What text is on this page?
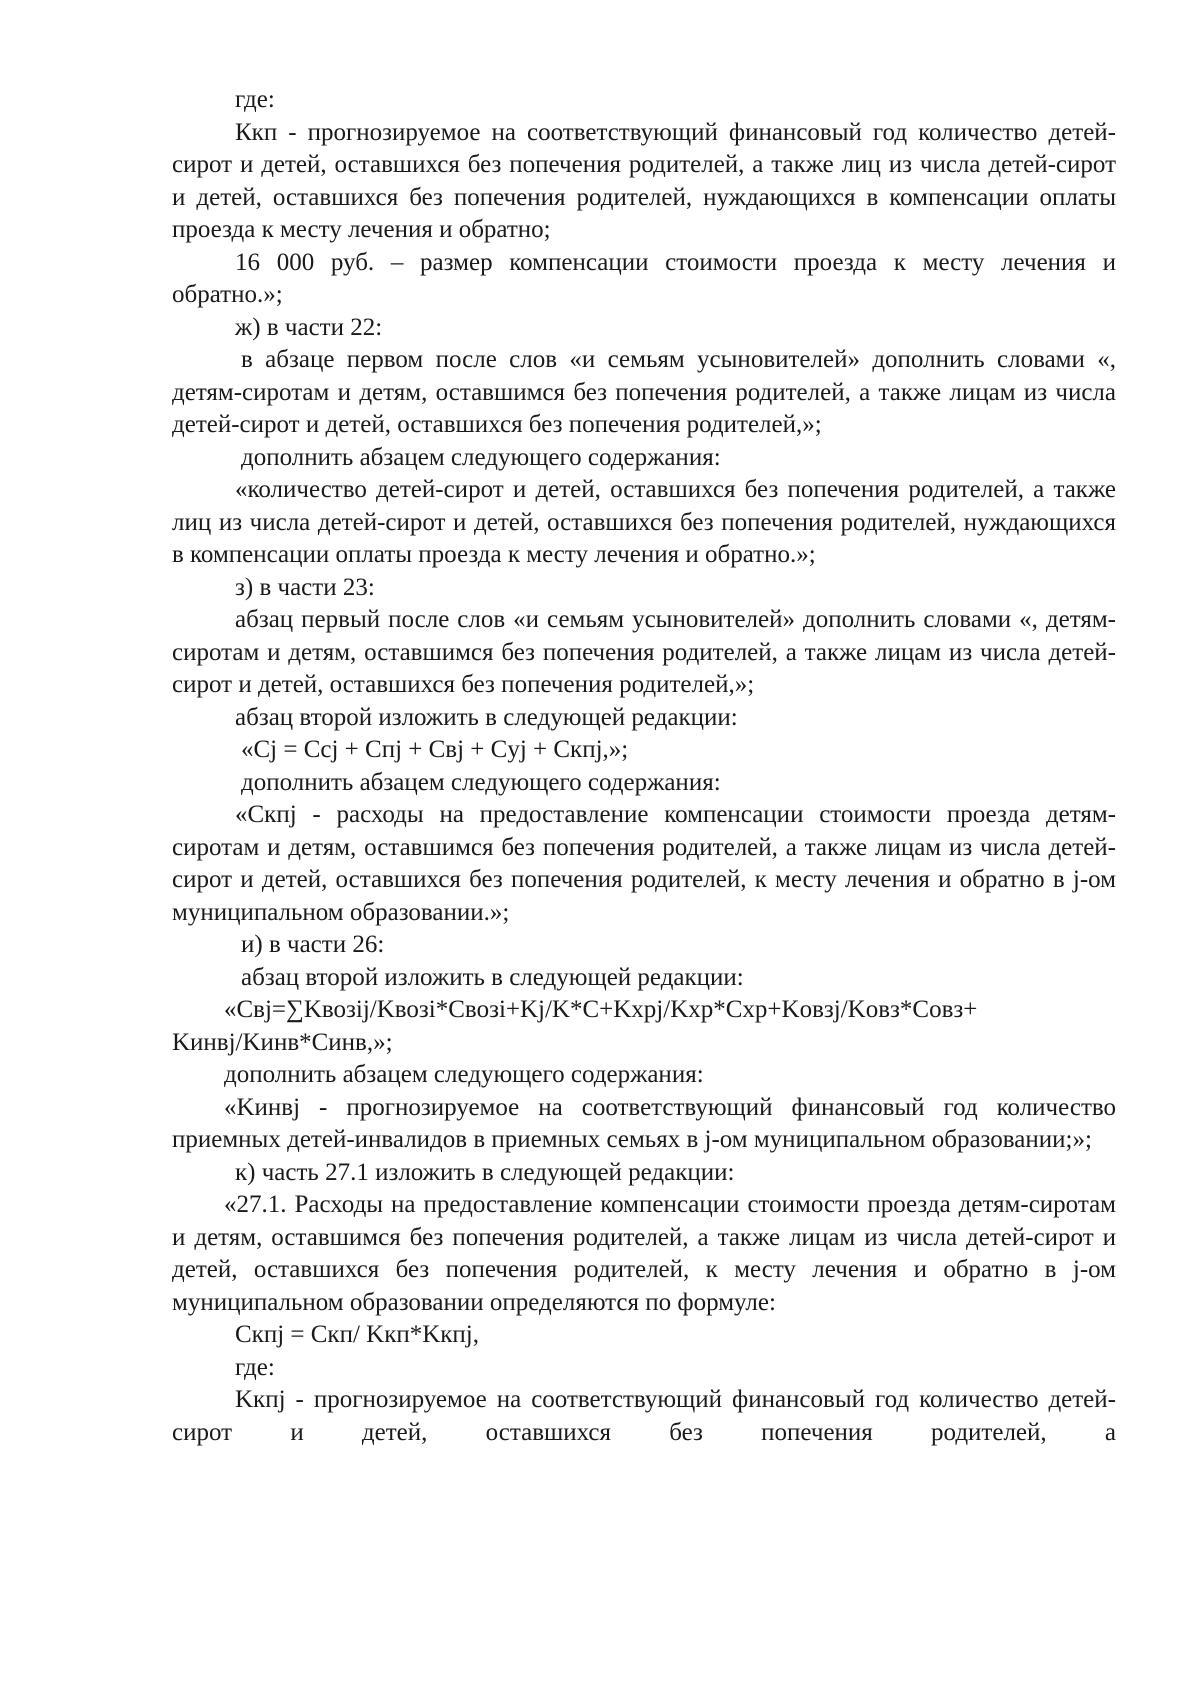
где:

Ккп - прогнозируемое на соответствующий финансовый год количество детей-сирот и детей, оставшихся без попечения родителей, а также лиц из числа детей-сирот и детей, оставшихся без попечения родителей, нуждающихся в компенсации оплаты проезда к месту лечения и обратно;

16 000 руб. – размер компенсации стоимости проезда к месту лечения и обратно.»;

ж) в части 22:

в абзаце первом после слов «и семьям усыновителей» дополнить словами «, детям-сиротам и детям, оставшимся без попечения родителей, а также лицам из числа детей-сирот и детей, оставшихся без попечения родителей,»;

дополнить абзацем следующего содержания:

«количество детей-сирот и детей, оставшихся без попечения родителей, а также лиц из числа детей-сирот и детей, оставшихся без попечения родителей, нуждающихся в компенсации оплаты проезда к месту лечения и обратно.»;

з) в части 23:

абзац первый после слов «и семьям усыновителей» дополнить словами «, детям-сиротам и детям, оставшимся без попечения родителей, а также лицам из числа детей-сирот и детей, оставшихся без попечения родителей,»;

абзац второй изложить в следующей редакции:

«Cj = Ccj + Cпj + Cвj + Cуj + Cкпj,»;

дополнить абзацем следующего содержания:

«Cкпj - расходы на предоставление компенсации стоимости проезда детям-сиротам и детям, оставшимся без попечения родителей, а также лицам из числа детей-сирот и детей, оставшихся без попечения родителей, к месту лечения и обратно в j-ом муниципальном образовании.»;

и) в части 26:

абзац второй изложить в следующей редакции:

«Cвj=∑Kвозij/Kвозi*Cвозi+Kj/K*C+Kхрj/Kхр*Cхр+Kовзj/Kовз*Cовз+ Kинвj/Kинв*Cинв,»;

дополнить абзацем следующего содержания:

«Kинвj - прогнозируемое на соответствующий финансовый год количество приемных детей-инвалидов в приемных семьях в j-ом муниципальном образовании;»;

к) часть 27.1 изложить в следующей редакции:

«27.1. Расходы на предоставление компенсации стоимости проезда детям-сиротам и детям, оставшимся без попечения родителей, а также лицам из числа детей-сирот и детей, оставшихся без попечения родителей, к месту лечения и обратно в j-ом муниципальном образовании определяются по формуле:

Cкпj = Cкп/ Kкп*Kкпj,

где:

Kкпj - прогнозируемое на соответствующий финансовый год количество детей-сирот и детей, оставшихся без попечения родителей, а
